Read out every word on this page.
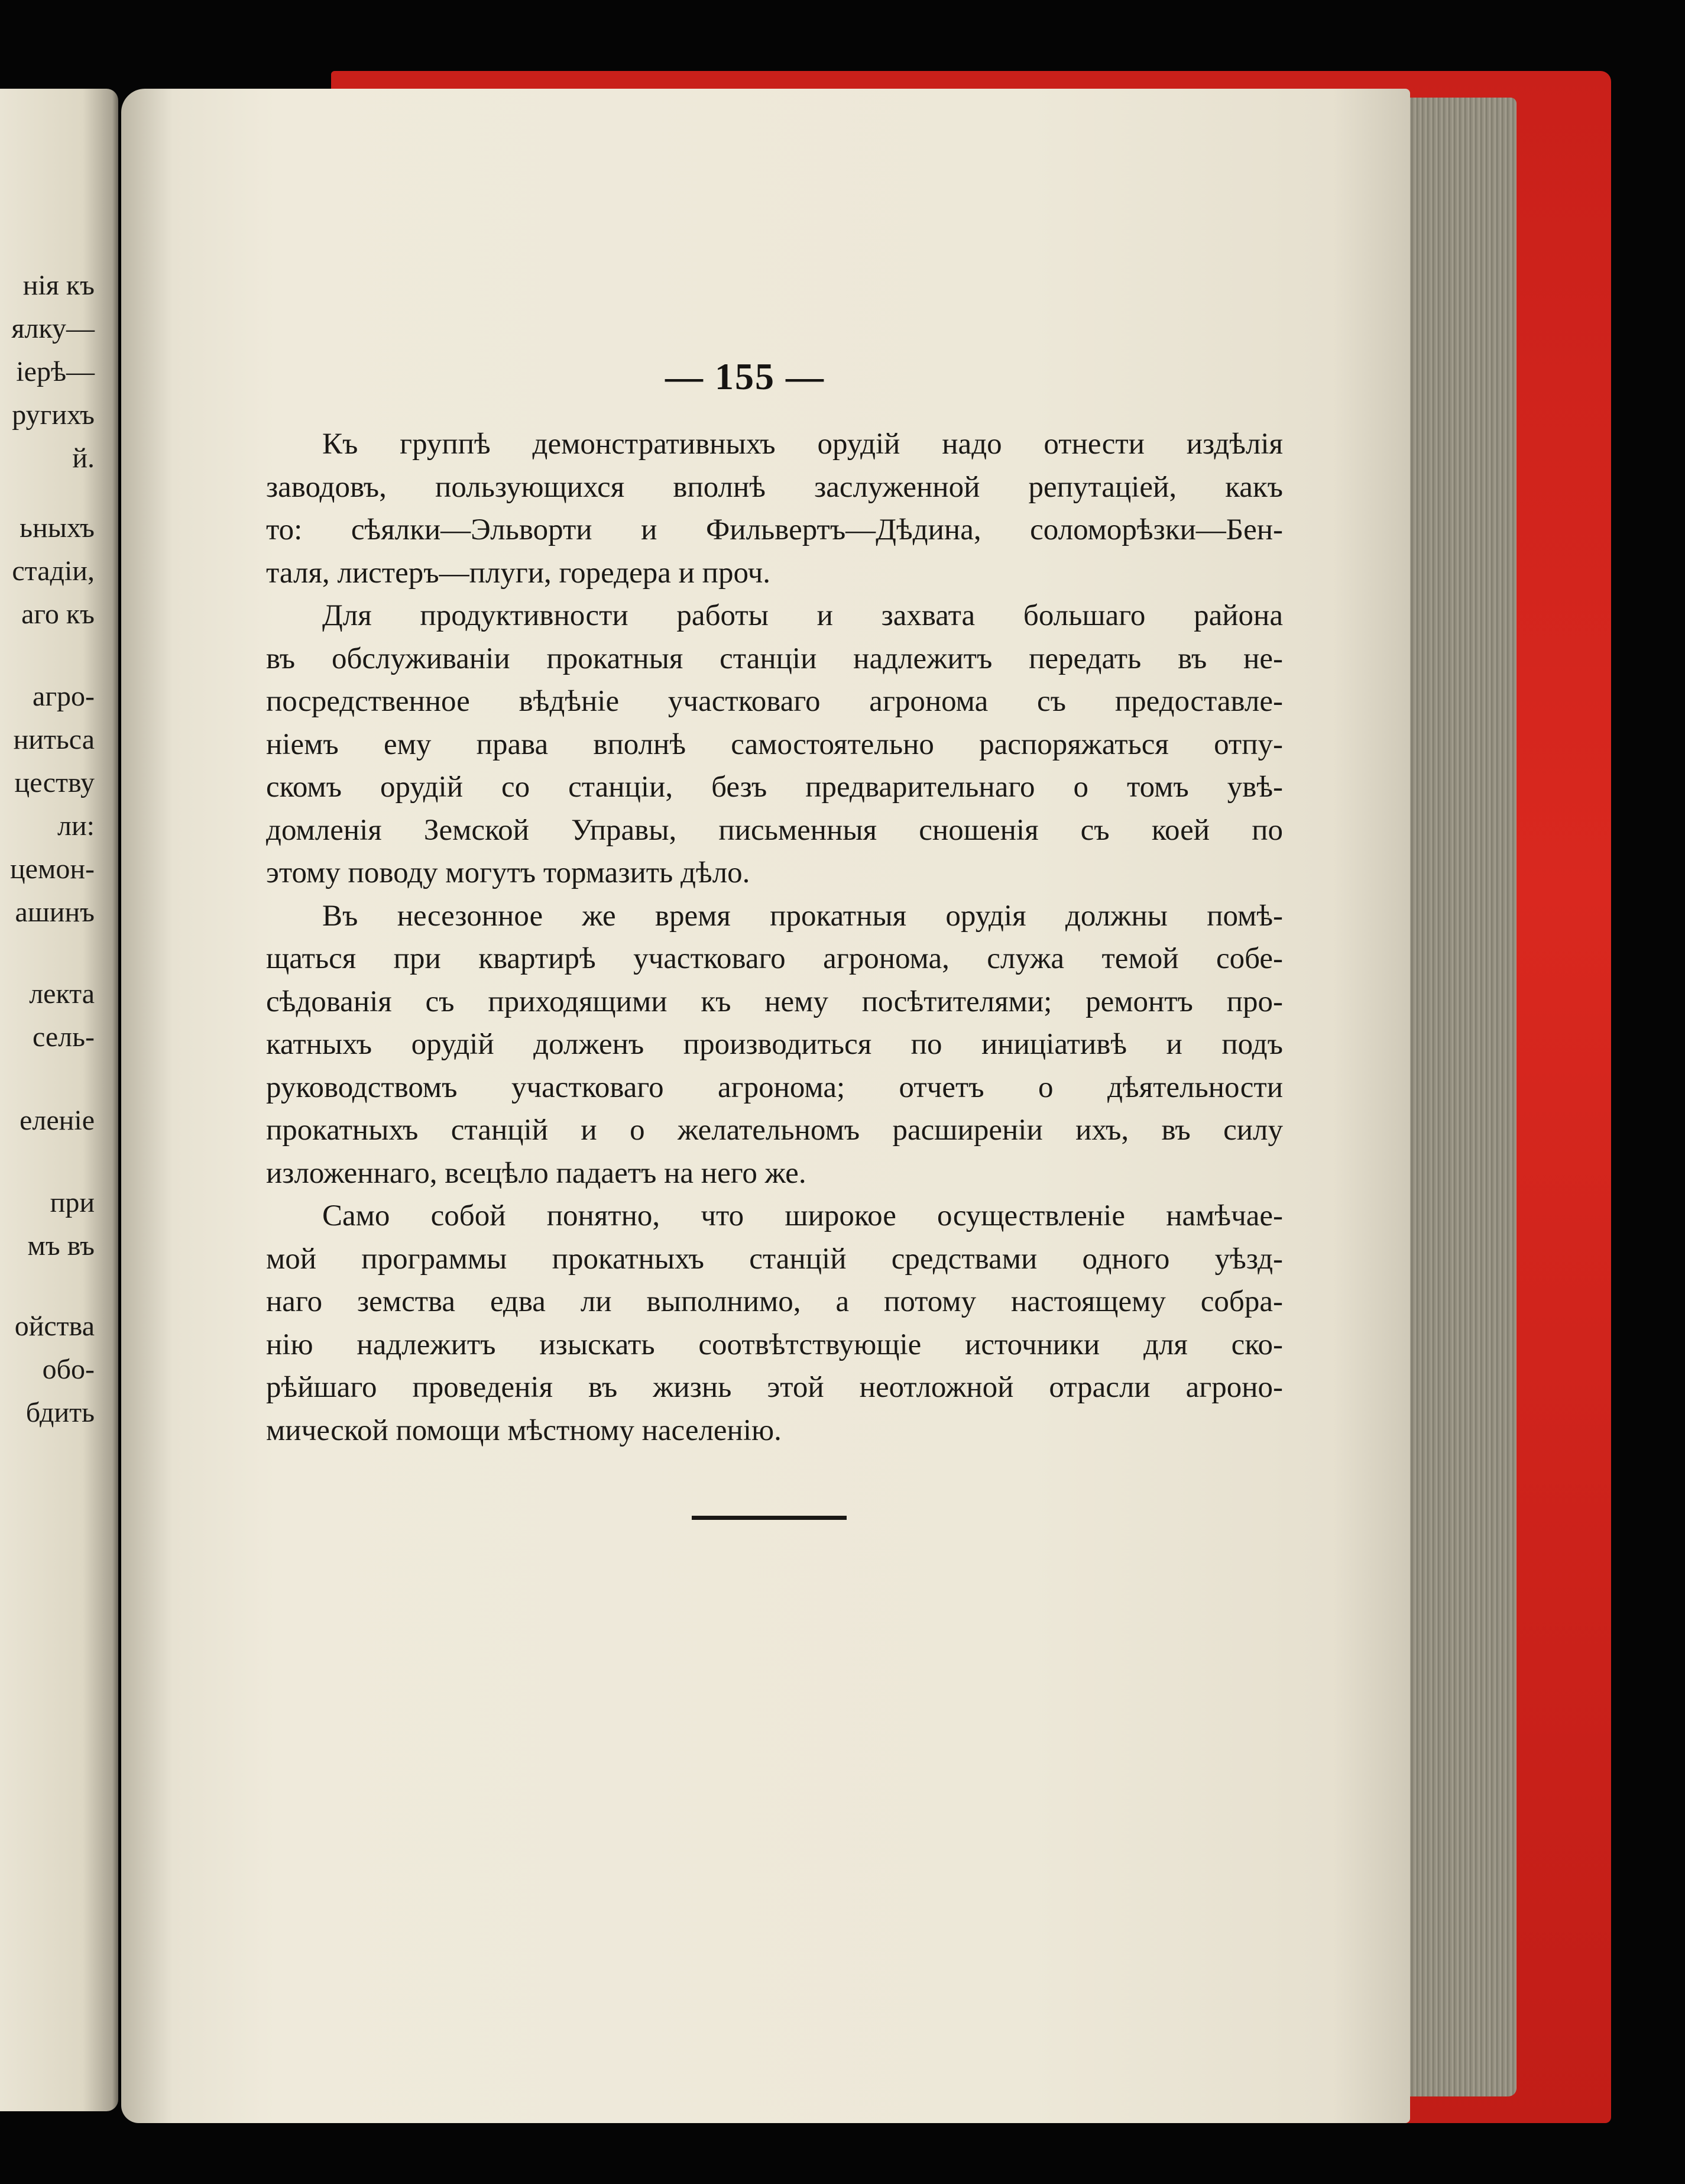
нія къ
ялку—
іерѣ—
ругихъ
й.
ьныхъ
стадіи,
аго къ
агро-
нитьса
цеству
ли:
цемон-
ашинъ
лекта
сель-
еленіе
при
мъ въ
ойства
обо-
бдить
— 155 —
Къ группѣ демонстративныхъ орудій надо отнести издѣлія
заводовъ, пользующихся вполнѣ заслуженной репутаціей, какъ
то: сѣялки—Эльворти и Фильвертъ—Дѣдина, соломорѣзки—Бен-
таля, листеръ—плуги, горедера и проч.
Для продуктивности работы и захвата большаго района
въ обслуживаніи прокатныя станціи надлежитъ передать въ не-
посредственное вѣдѣніе участковаго агронома съ предоставле-
ніемъ ему права вполнѣ самостоятельно распоряжаться отпу-
скомъ орудій со станціи, безъ предварительнаго о томъ увѣ-
домленія Земской Управы, письменныя сношенія съ коей по
этому поводу могутъ тормазить дѣло.
Въ несезонное же время прокатныя орудія должны помѣ-
щаться при квартирѣ участковаго агронома, служа темой собе-
сѣдованія съ приходящими къ нему посѣтителями; ремонтъ про-
катныхъ орудій долженъ производиться по иниціативѣ и подъ
руководствомъ участковаго агронома; отчетъ о дѣятельности
прокатныхъ станцій и о желательномъ расширеніи ихъ, въ силу
изложеннаго, всецѣло падаетъ на него же.
Само собой понятно, что широкое осуществленіе намѣчае-
мой программы прокатныхъ станцій средствами одного уѣзд-
наго земства едва ли выполнимо, а потому настоящему собра-
нію надлежитъ изыскать соотвѣтствующіе источники для ско-
рѣйшаго проведенія въ жизнь этой неотложной отрасли агроно-
мической помощи мѣстному населенію.
